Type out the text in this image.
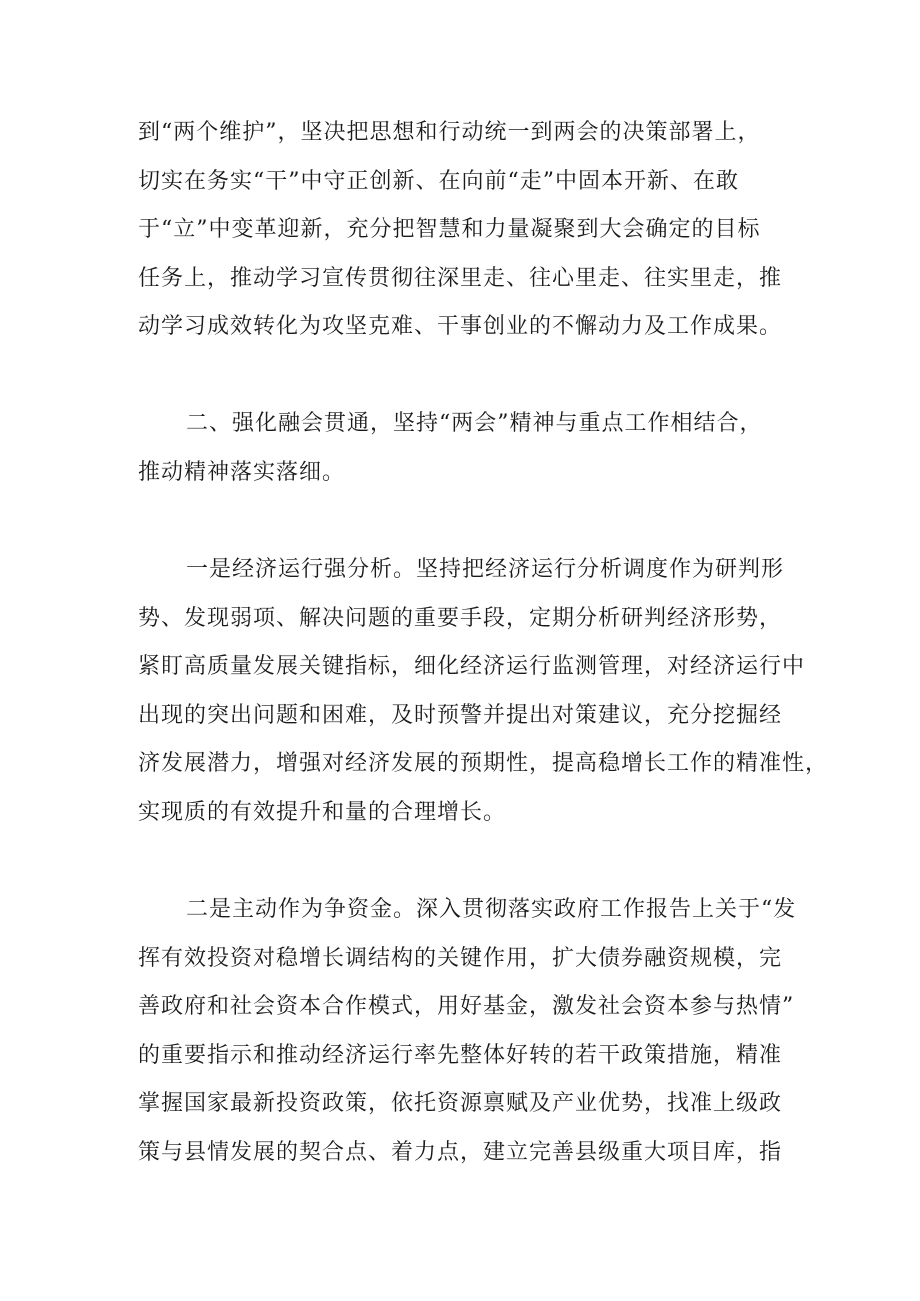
到“两个维护”，坚决把思想和行动统一到两会的决策部署上，
切实在务实“干”中守正创新、在向前“走”中固本开新、在敢
于“立”中变革迎新，充分把智慧和力量凝聚到大会确定的目标
任务上，推动学习宣传贯彻往深里走、往心里走、往实里走，推
动学习成效转化为攻坚克难、干事创业的不懈动力及工作成果。
二、强化融会贯通，坚持“两会”精神与重点工作相结合，
推动精神落实落细。
一是经济运行强分析。坚持把经济运行分析调度作为研判形
势、发现弱项、解决问题的重要手段，定期分析研判经济形势，
紧盯高质量发展关键指标，细化经济运行监测管理，对经济运行中
出现的突出问题和困难，及时预警并提出对策建议，充分挖掘经
济发展潜力，增强对经济发展的预期性，提高稳增长工作的精准性，
实现质的有效提升和量的合理增长。
二是主动作为争资金。深入贯彻落实政府工作报告上关于“发
挥有效投资对稳增长调结构的关键作用，扩大债券融资规模，完
善政府和社会资本合作模式，用好基金，激发社会资本参与热情”
的重要指示和推动经济运行率先整体好转的若干政策措施，精准
掌握国家最新投资政策，依托资源禀赋及产业优势，找准上级政
策与县情发展的契合点、着力点，建立完善县级重大项目库，指
